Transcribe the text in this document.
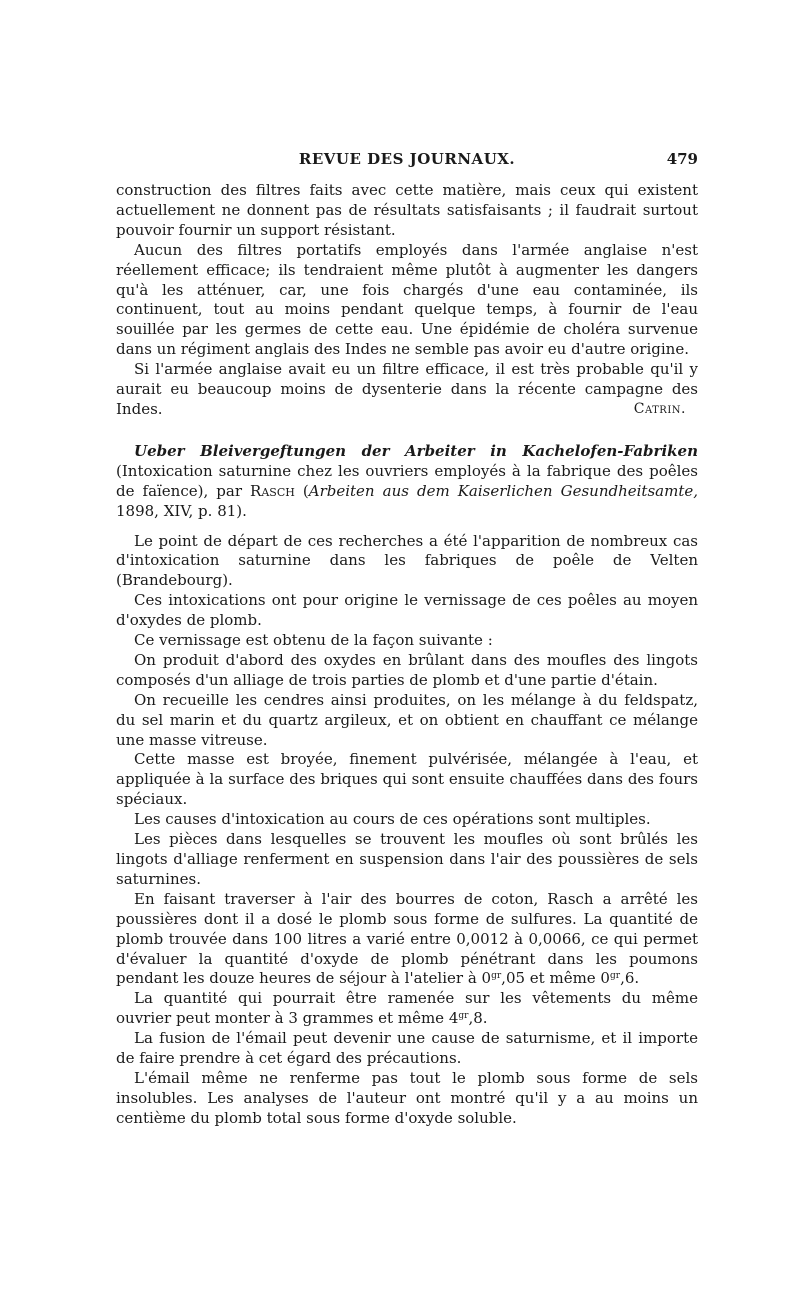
REVUE DES JOURNAUX.	479

construction des filtres faits avec cette matière, mais ceux qui existent actuellement ne donnent pas de résultats satisfaisants ; il faudrait surtout pouvoir fournir un support résistant.

Aucun des filtres portatifs employés dans l'armée anglaise n'est réellement efficace; ils tendraient même plutôt à augmenter les dangers qu'à les atténuer, car, une fois chargés d'une eau contaminée, ils continuent, tout au moins pendant quelque temps, à fournir de l'eau souillée par les germes de cette eau. Une épidémie de choléra survenue dans un régiment anglais des Indes ne semble pas avoir eu d'autre origine.

Si l'armée anglaise avait eu un filtre efficace, il est très probable qu'il y aurait eu beaucoup moins de dysenterie dans la récente campagne des Indes.	Catrin.

Ueber Bleivergeftungen der Arbeiter in Kachelofen-Fabriken (Intoxication saturnine chez les ouvriers employés à la fabrique des poêles de faïence), par Rasch (Arbeiten aus dem Kaiserlichen Gesundheitsamte, 1898, XIV, p. 81).

Le point de départ de ces recherches a été l'apparition de nombreux cas d'intoxication saturnine dans les fabriques de poêle de Velten (Brandebourg).

Ces intoxications ont pour origine le vernissage de ces poêles au moyen d'oxydes de plomb.

Ce vernissage est obtenu de la façon suivante :

On produit d'abord des oxydes en brûlant dans des moufles des lingots composés d'un alliage de trois parties de plomb et d'une partie d'étain.

On recueille les cendres ainsi produites, on les mélange à du feldspatz, du sel marin et du quartz argileux, et on obtient en chauffant ce mélange une masse vitreuse.

Cette masse est broyée, finement pulvérisée, mélangée à l'eau, et appliquée à la surface des briques qui sont ensuite chauffées dans des fours spéciaux.

Les causes d'intoxication au cours de ces opérations sont multiples.

Les pièces dans lesquelles se trouvent les moufles où sont brûlés les lingots d'alliage renferment en suspension dans l'air des poussières de sels saturnines.

En faisant traverser à l'air des bourres de coton, Rasch a arrêté les poussières dont il a dosé le plomb sous forme de sulfures. La quantité de plomb trouvée dans 100 litres a varié entre 0,0012 à 0,0066, ce qui permet d'évaluer la quantité d'oxyde de plomb pénétrant dans les poumons pendant les douze heures de séjour à l'atelier à $0^{gr},05$ et même $0^{gr},6$.

La quantité qui pourrait être ramenée sur les vêtements du même ouvrier peut monter à 3 grammes et même $4^{gr},8$.

La fusion de l'émail peut devenir une cause de saturnisme, et il importe de faire prendre à cet égard des précautions.

L'émail même ne renferme pas tout le plomb sous forme de sels insolubles. Les analyses de l'auteur ont montré qu'il y a au moins un centième du plomb total sous forme d'oxyde soluble.
